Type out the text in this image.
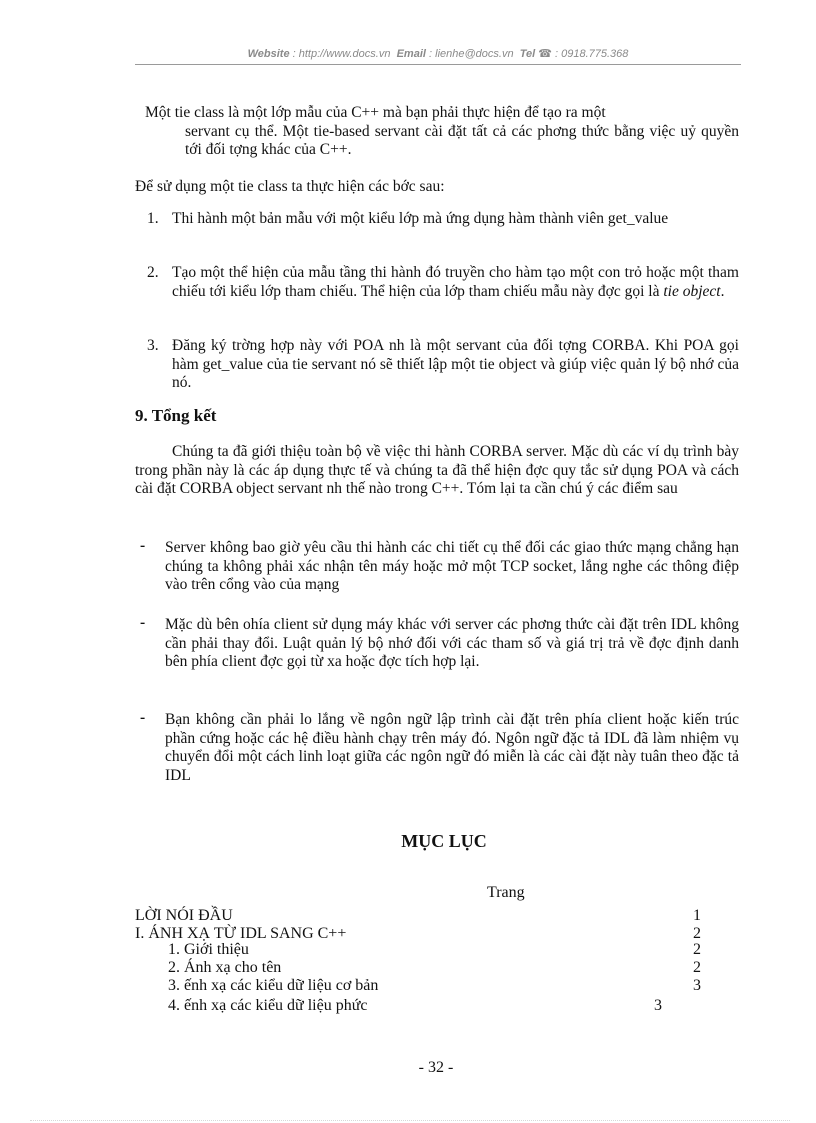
Website : http://www.docs.vn Email : lienhe@docs.vn Tel ☎ : 0918.775.368
Một tie class là một lớp mẫu của C++ mà bạn phải thực hiện để tạo ra một
servant cụ thể. Một tie-based servant cài đặt tất cả các phơng thức bằng việc uỷ quyền tới đối tợng khác của C++.
Để sử dụng một tie class ta thực hiện các bớc sau:
1. Thi hành một bản mẫu với một kiểu lớp mà ứng dụng hàm thành viên get_value
2. Tạo một thể hiện của mẫu tầng thi hành đó truyền cho hàm tạo một con trỏ hoặc một tham chiếu tới kiểu lớp tham chiếu. Thể hiện của lớp tham chiếu mẫu này đợc gọi là tie object.
3. Đăng ký trờng hợp này với POA nh là một servant của đối tợng CORBA. Khi POA gọi hàm get_value của tie servant nó sẽ thiết lập một tie object và giúp việc quản lý bộ nhớ của nó.
9. Tổng kết
Chúng ta đã giới thiệu toàn bộ về việc thi hành CORBA server. Mặc dù các ví dụ trình bày trong phần này là các áp dụng thực tế và chúng ta đã thể hiện đợc quy tắc sử dụng POA và cách cài đặt CORBA object servant nh thế nào trong C++. Tóm lại ta cần chú ý các điểm sau
- Server không bao giờ yêu cầu thi hành các chi tiết cụ thể đối các giao thức mạng chẳng hạn chúng ta không phải xác nhận tên máy hoặc mở một TCP socket, lắng nghe các thông điệp vào trên cổng vào của mạng
- Mặc dù bên ohía client sử dụng máy khác với server các phơng thức cài đặt trên IDL không cần phải thay đổi. Luật quản lý bộ nhớ đối với các tham số và giá trị trả về đợc định danh bên phía client đợc gọi từ xa hoặc đợc tích hợp lại.
- Bạn không cần phải lo lắng về ngôn ngữ lập trình cài đặt trên phía client hoặc kiến trúc phần cứng hoặc các hệ điều hành chạy trên máy đó. Ngôn ngữ đặc tả IDL đã làm nhiệm vụ chuyển đổi một cách linh loạt giữa các ngôn ngữ đó miễn là các cài đặt này tuân theo đặc tả IDL
MỤC LỤC
Trang
LỜI NÓI ĐẦU	1
I. ÁNH XẠ TỪ IDL SANG C++	2
1. Giới thiệu	2
2. Ánh xạ cho tên	2
3. ếnh xạ các kiểu dữ liệu cơ bản	3
4. ếnh xạ các kiểu dữ liệu phức	3
- 32 -
